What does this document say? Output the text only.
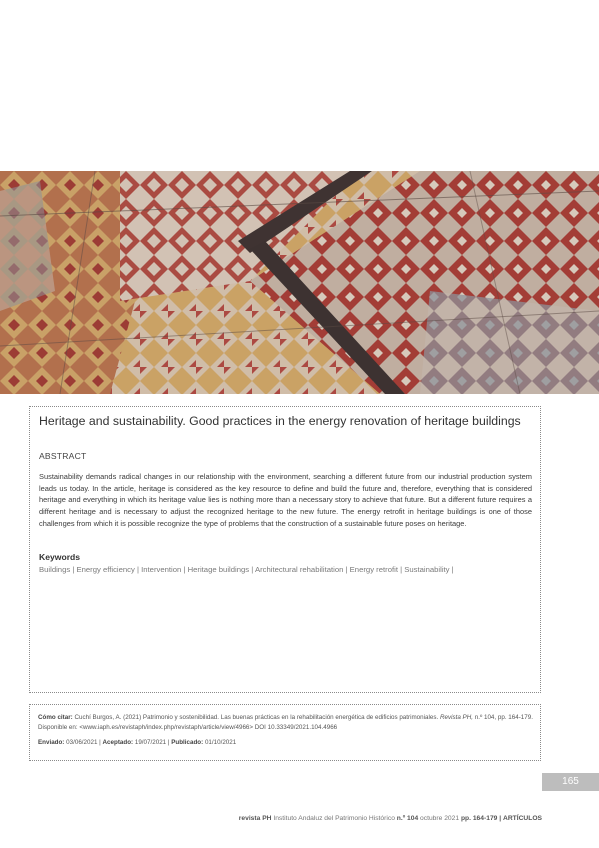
Heritage and sustainability. Good practices in the energy renovation of heritage buildings
ABSTRACT
Sustainability demands radical changes in our relationship with the environment, searching a different future from our industrial production system leads us today. In the article, heritage is considered as the key resource to define and build the future and, therefore, everything that is considered heritage and everything in which its heritage value lies is nothing more than a necessary story to achieve that future. But a different future requires a different heritage and is necessary to adjust the recognized heritage to the new future. The energy retrofit in heritage buildings is one of those challenges from which it is possible recognize the type of problems that the construction of a sustainable future poses on heritage.
Keywords
Buildings | Energy efficiency | Intervention | Heritage buildings | Architectural rehabilitation | Energy retrofit | Sustainability |
Cómo citar: Cuchí Burgos, A. (2021) Patrimonio y sostenibilidad. Las buenas prácticas en la rehabilitación energética de edificios patrimoniales. Revista PH, n.º 104, pp. 164-179. Disponible en: <www.iaph.es/revistaph/index.php/revistaph/article/view/4966> DOI 10.33349/2021.104.4966
Enviado: 03/06/2021 | Aceptado: 19/07/2021 | Publicado: 01/10/2021
165
revista PH Instituto Andaluz del Patrimonio Histórico n.º 104 octubre 2021 pp. 164-179 | ARTÍCULOS
